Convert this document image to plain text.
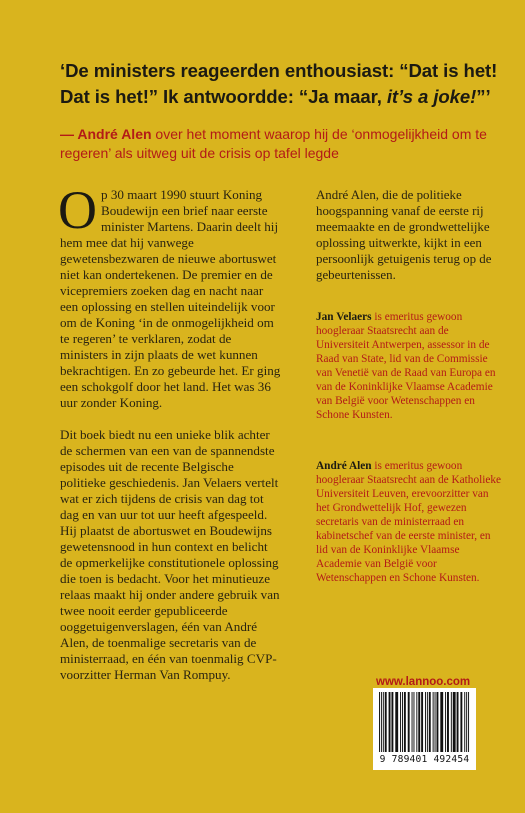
‘De ministers reageerden enthousiast: “Dat is het!
Dat is het!” Ik antwoordde: “Ja maar, it’s a joke!”’

— André Alen over het moment waarop hij de ‘onmogelijkheid om te regeren’ als uitweg uit de crisis op tafel legde

Op 30 maart 1990 stuurt Koning Boudewijn een brief naar eerste minister Martens. Daarin deelt hij hem mee dat hij vanwege gewetensbezwaren de nieuwe abortuswet niet kan ondertekenen. De premier en de vicepremiers zoeken dag en nacht naar een oplossing en stellen uiteindelijk voor om de Koning ‘in de onmogelijkheid om te regeren’ te verklaren, zodat de ministers in zijn plaats de wet kunnen bekrachtigen. En zo gebeurde het. Er ging een schokgolf door het land. Het was 36 uur zonder Koning.

Dit boek biedt nu een unieke blik achter de schermen van een van de spannendste episodes uit de recente Belgische politieke geschiedenis. Jan Velaers vertelt wat er zich tijdens de crisis van dag tot dag en van uur tot uur heeft afgespeeld. Hij plaatst de abortuswet en Boudewijns gewetensnood in hun context en belicht de opmerkelijke constitutionele oplossing die toen is bedacht. Voor het minutieuze relaas maakt hij onder andere gebruik van twee nooit eerder gepubliceerde ooggetuigenverslagen, één van André Alen, de toenmalige secretaris van de ministerraad, en één van toenmalig CVP-voorzitter Herman Van Rompuy.

André Alen, die de politieke hoogspanning vanaf de eerste rij meemaakte en de grondwettelijke oplossing uitwerkte, kijkt in een persoonlijk getuigenis terug op de gebeurtenissen.

Jan Velaers is emeritus gewoon hoogleraar Staatsrecht aan de Universiteit Antwerpen, assessor in de Raad van State, lid van de Commissie van Venetië van de Raad van Europa en van de Koninklijke Vlaamse Academie van België voor Wetenschappen en Schone Kunsten.

André Alen is emeritus gewoon hoogleraar Staatsrecht aan de Katholieke Universiteit Leuven, erevoorzitter van het Grondwettelijk Hof, gewezen secretaris van de ministerraad en kabinetschef van de eerste minister, en lid van de Koninklijke Vlaamse Academie van België voor Wetenschappen en Schone Kunsten.

www.lannoo.com
9 789401 492454
